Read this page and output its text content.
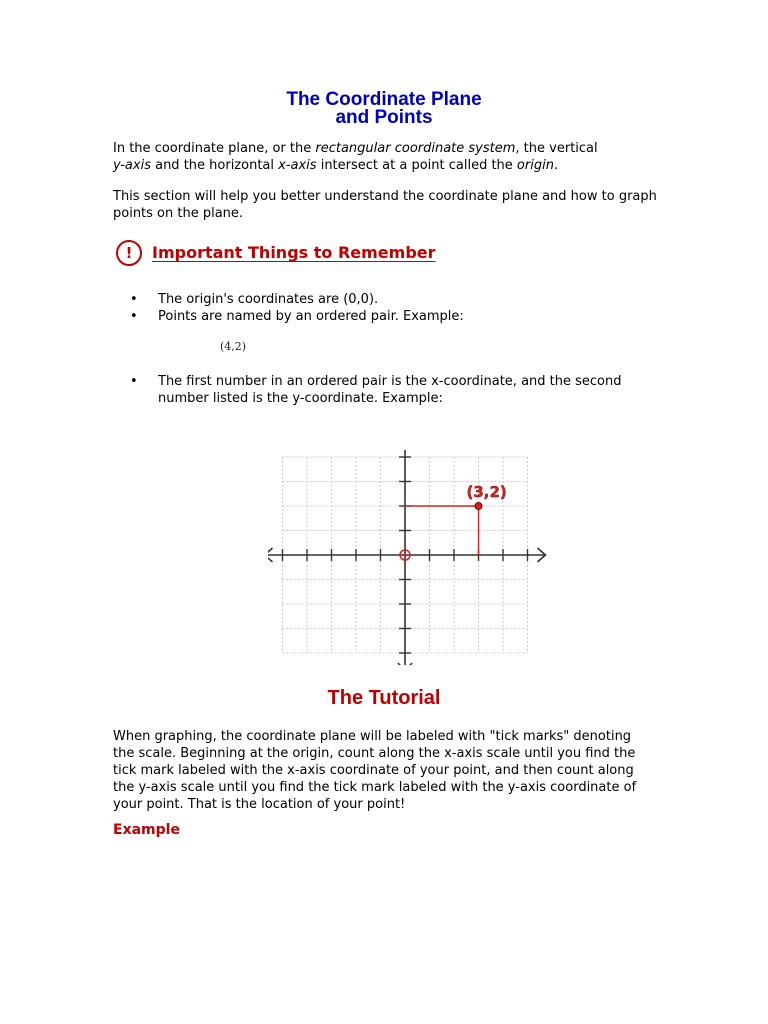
The Coordinate Plane
and Points
In the coordinate plane, or the rectangular coordinate system, the vertical
y-axis and the horizontal x-axis intersect at a point called the origin.
This section will help you better understand the coordinate plane and how to graph points on the plane.
!	Important Things to Remember
• The origin's coordinates are (0,0).
• Points are named by an ordered pair. Example:
(4,2)
• The first number in an ordered pair is the x-coordinate, and the second number listed is the y-coordinate. Example:
(3,2)
The Tutorial
When graphing, the coordinate plane will be labeled with "tick marks" denoting the scale. Beginning at the origin, count along the x-axis scale until you find the tick mark labeled with the x-axis coordinate of your point, and then count along the y-axis scale until you find the tick mark labeled with the y-axis coordinate of your point. That is the location of your point!
Example
